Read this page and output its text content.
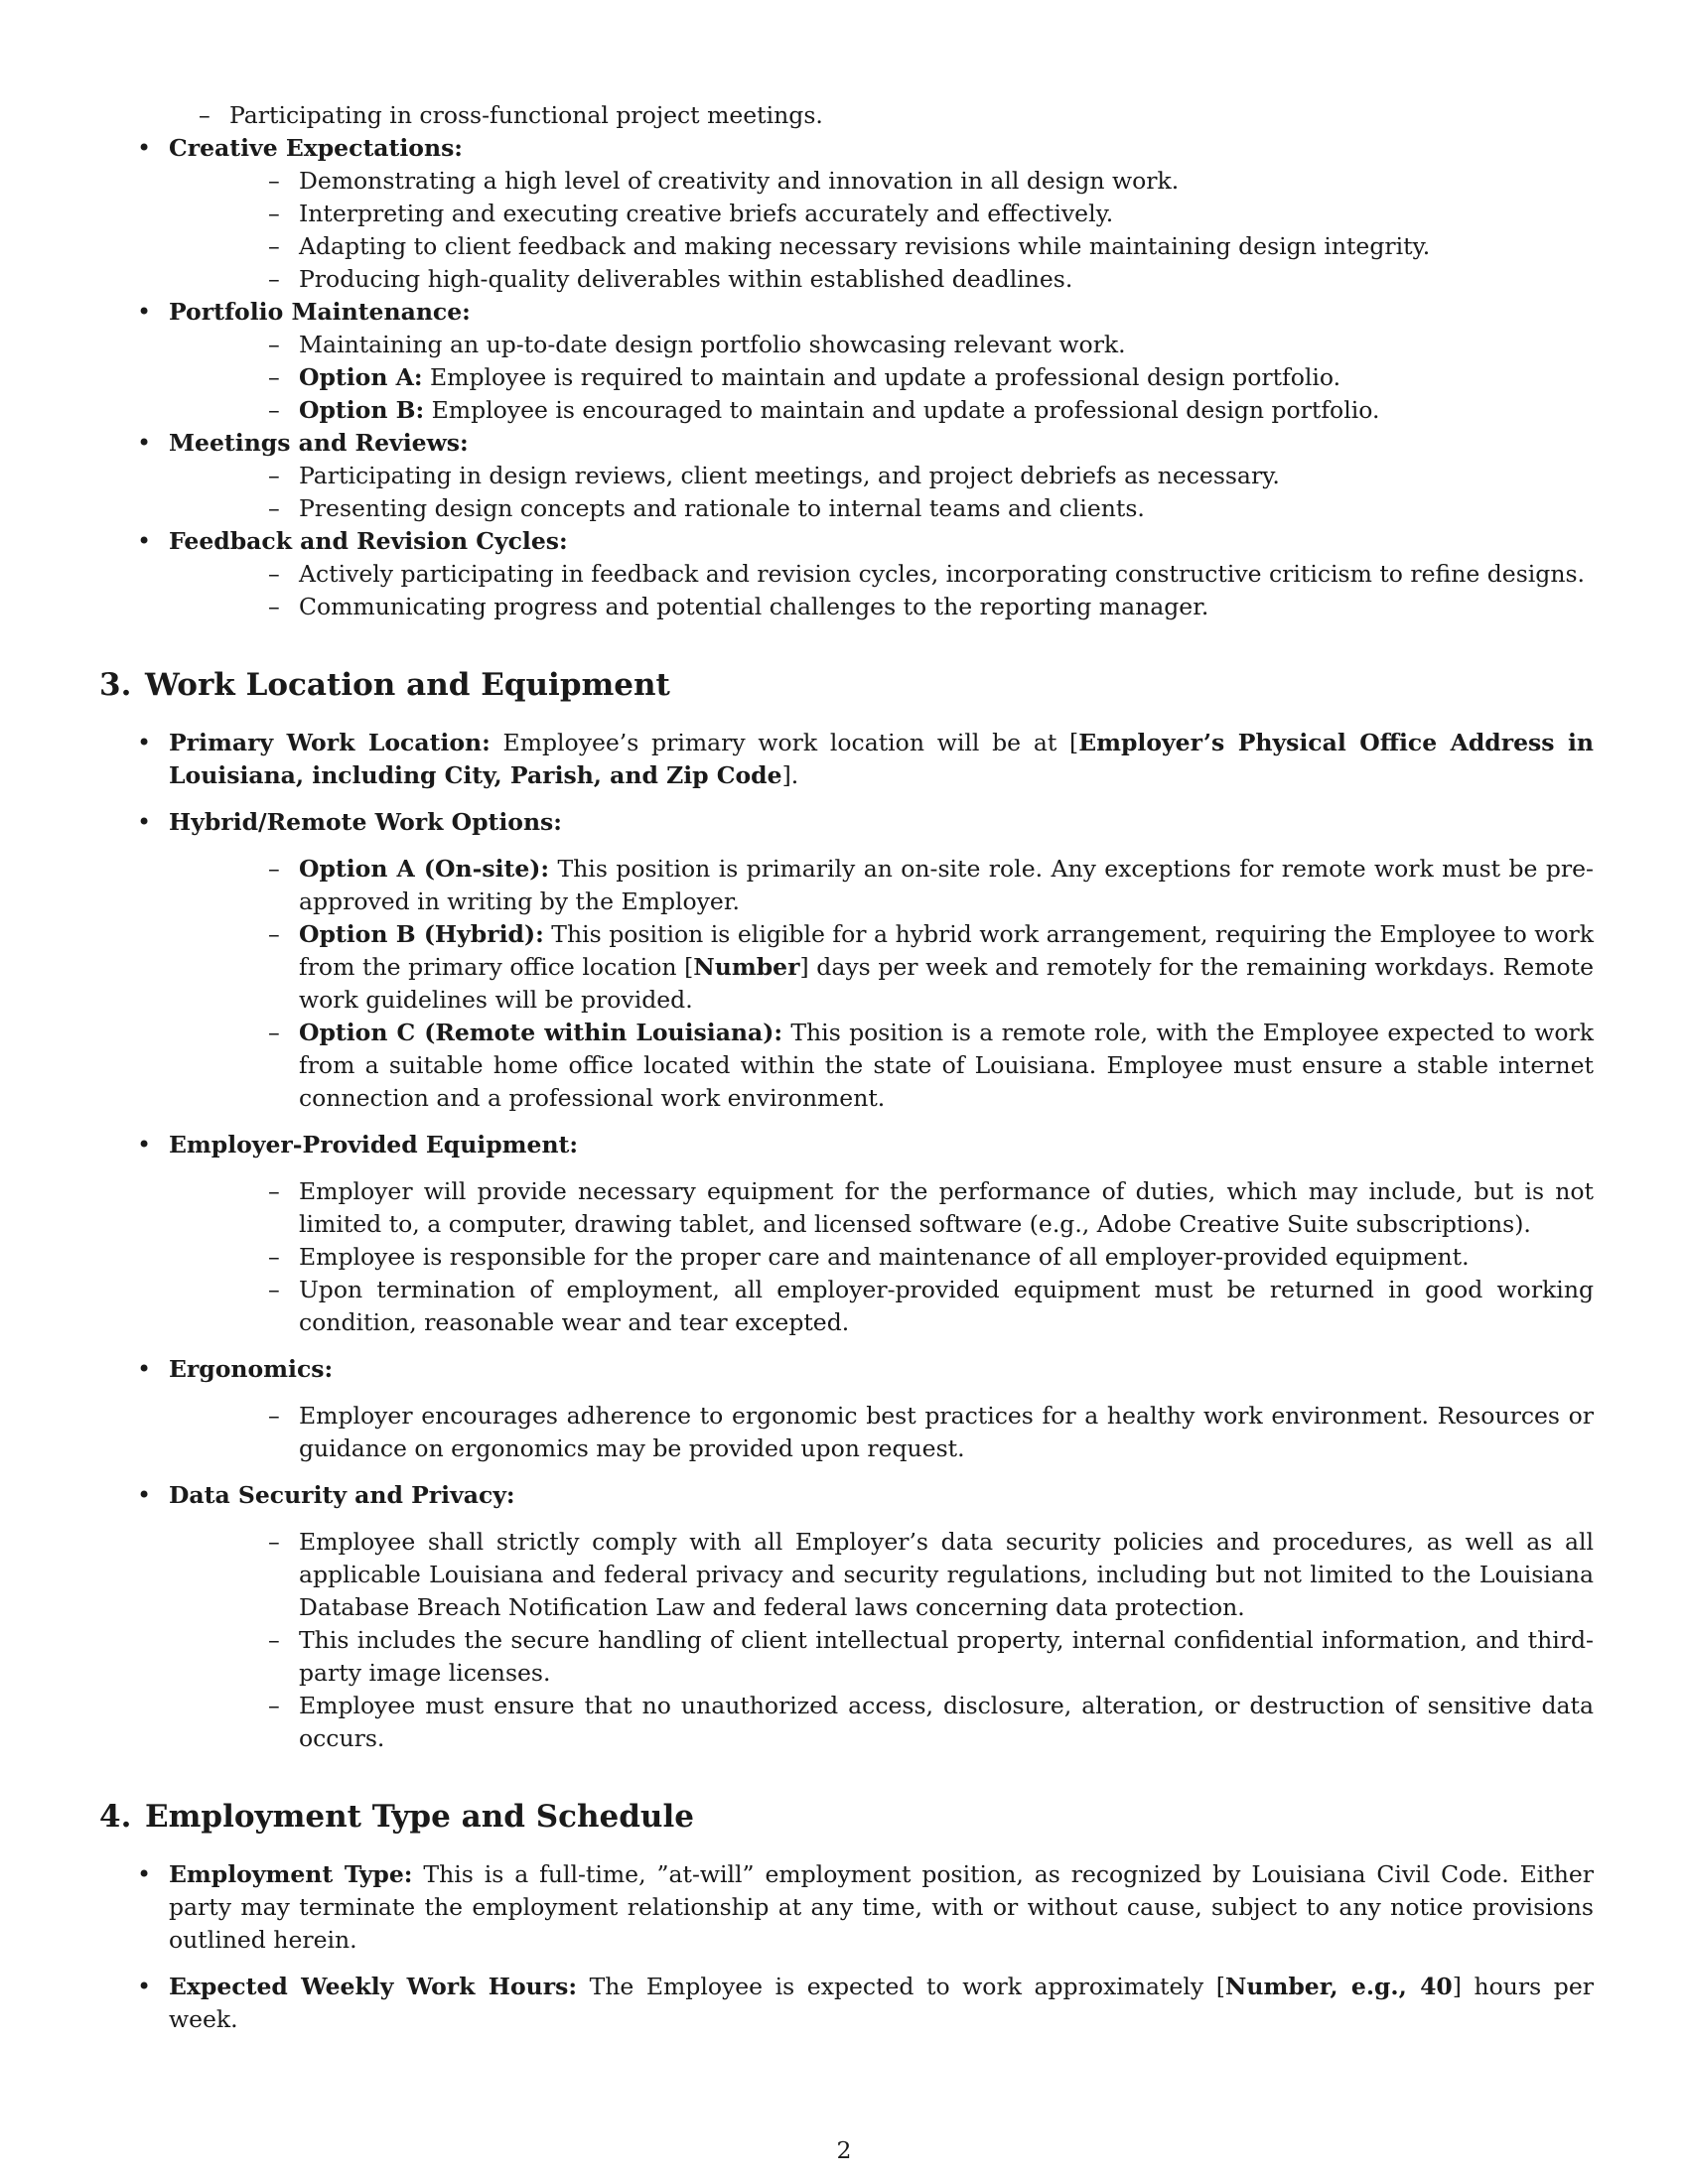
– Participating in cross-functional project meetings.
• Creative Expectations:
– Demonstrating a high level of creativity and innovation in all design work.
– Interpreting and executing creative briefs accurately and effectively.
– Adapting to client feedback and making necessary revisions while maintaining design integrity.
– Producing high-quality deliverables within established deadlines.
• Portfolio Maintenance:
– Maintaining an up-to-date design portfolio showcasing relevant work.
– Option A: Employee is required to maintain and update a professional design portfolio.
– Option B: Employee is encouraged to maintain and update a professional design portfolio.
• Meetings and Reviews:
– Participating in design reviews, client meetings, and project debriefs as necessary.
– Presenting design concepts and rationale to internal teams and clients.
• Feedback and Revision Cycles:
– Actively participating in feedback and revision cycles, incorporating constructive criticism to refine designs.
– Communicating progress and potential challenges to the reporting manager.
3. Work Location and Equipment
• Primary Work Location: Employee’s primary work location will be at [Employer’s Physical Office Address in Louisiana, including City, Parish, and Zip Code].
• Hybrid/Remote Work Options:
– Option A (On-site): This position is primarily an on-site role. Any exceptions for remote work must be pre-approved in writing by the Employer.
– Option B (Hybrid): This position is eligible for a hybrid work arrangement, requiring the Employee to work from the primary office location [Number] days per week and remotely for the remaining workdays. Remote work guidelines will be provided.
– Option C (Remote within Louisiana): This position is a remote role, with the Employee expected to work from a suitable home office located within the state of Louisiana. Employee must ensure a stable internet connection and a professional work environment.
• Employer-Provided Equipment:
– Employer will provide necessary equipment for the performance of duties, which may include, but is not limited to, a computer, drawing tablet, and licensed software (e.g., Adobe Creative Suite subscriptions).
– Employee is responsible for the proper care and maintenance of all employer-provided equipment.
– Upon termination of employment, all employer-provided equipment must be returned in good working condition, reasonable wear and tear excepted.
• Ergonomics:
– Employer encourages adherence to ergonomic best practices for a healthy work environment. Resources or guidance on ergonomics may be provided upon request.
• Data Security and Privacy:
– Employee shall strictly comply with all Employer’s data security policies and procedures, as well as all applicable Louisiana and federal privacy and security regulations, including but not limited to the Louisiana Database Breach Notification Law and federal laws concerning data protection.
– This includes the secure handling of client intellectual property, internal confidential information, and third-party image licenses.
– Employee must ensure that no unauthorized access, disclosure, alteration, or destruction of sensitive data occurs.
4. Employment Type and Schedule
• Employment Type: This is a full-time, ”at-will” employment position, as recognized by Louisiana Civil Code. Either party may terminate the employment relationship at any time, with or without cause, subject to any notice provisions outlined herein.
• Expected Weekly Work Hours: The Employee is expected to work approximately [Number, e.g., 40] hours per week.
2
